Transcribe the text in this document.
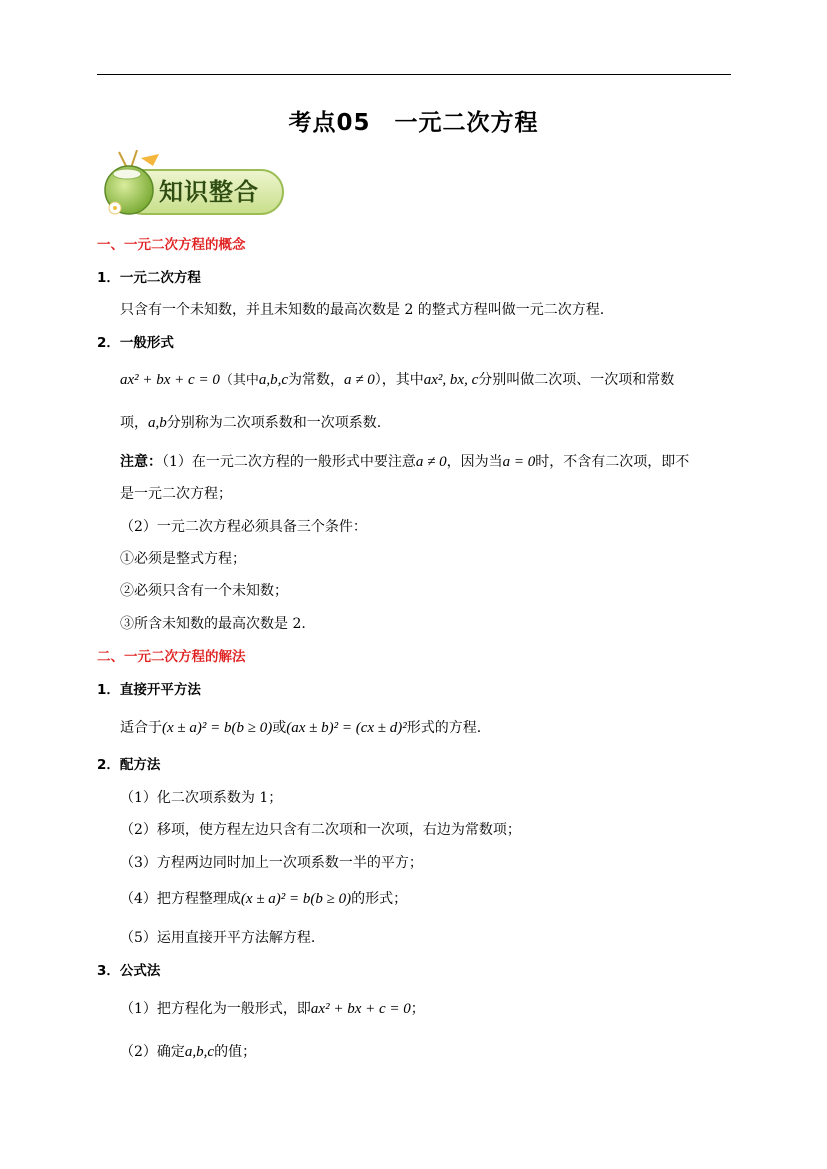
考点05　一元二次方程
知识整合
一、一元二次方程的概念
1．一元二次方程
只含有一个未知数，并且未知数的最高次数是 2 的整式方程叫做一元二次方程.
2．一般形式
ax² + bx + c = 0（其中a,b,c为常数，a ≠ 0），其中ax², bx, c分别叫做二次项、一次项和常数
项，a,b分别称为二次项系数和一次项系数.
注意：（1）在一元二次方程的一般形式中要注意a ≠ 0，因为当a = 0时，不含有二次项，即不
是一元二次方程；
（2）一元二次方程必须具备三个条件：
①必须是整式方程；
②必须只含有一个未知数；
③所含未知数的最高次数是 2.
二、一元二次方程的解法
1．直接开平方法
适合于(x ± a)² = b(b ≥ 0)或(ax ± b)² = (cx ± d)²形式的方程.
2．配方法
（1）化二次项系数为 1；
（2）移项，使方程左边只含有二次项和一次项，右边为常数项；
（3）方程两边同时加上一次项系数一半的平方；
（4）把方程整理成(x ± a)² = b(b ≥ 0)的形式；
（5）运用直接开平方法解方程.
3．公式法
（1）把方程化为一般形式，即ax² + bx + c = 0；
（2）确定a,b,c的值；
